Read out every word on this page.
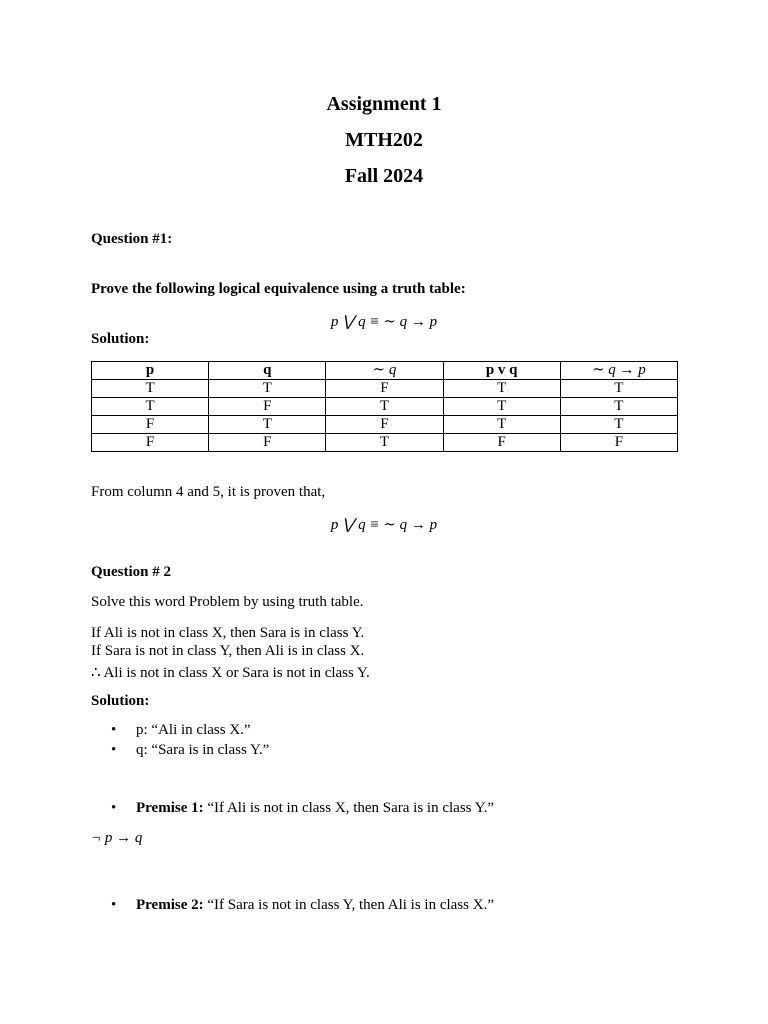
Assignment 1
MTH202
Fall 2024
Question #1:
Prove the following logical equivalence using a truth table:
p ⋁ q ≡ ∼ q → p
Solution:
p	q	∼ q	p v q	∼ q → p
T	T	F	T	T
T	F	T	T	T
F	T	F	T	T
F	F	T	F	F
From column 4 and 5, it is proven that,
p ⋁ q ≡ ∼ q → p
Question # 2
Solve this word Problem by using truth table.
If Ali is not in class X, then Sara is in class Y.
If Sara is not in class Y, then Ali is in class X.
∴ Ali is not in class X or Sara is not in class Y.
Solution:
• p: “Ali in class X.”
• q: “Sara is in class Y.”
• Premise 1: “If Ali is not in class X, then Sara is in class Y.”
¬ p → q
• Premise 2: “If Sara is not in class Y, then Ali is in class X.”
